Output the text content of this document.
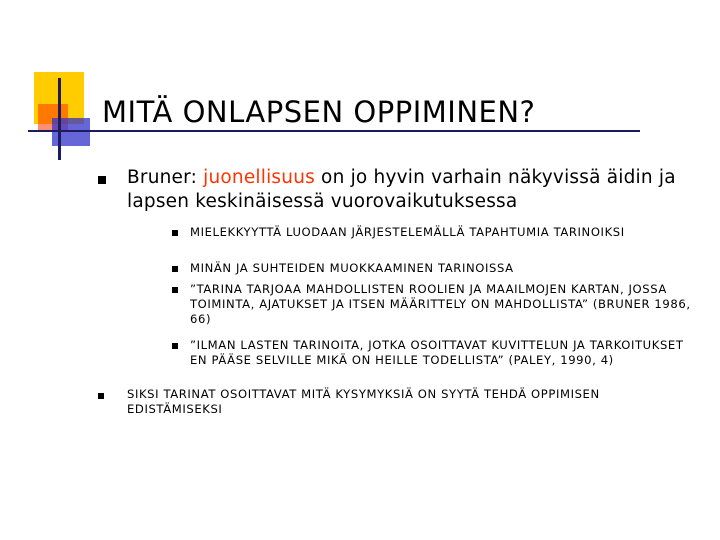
MITÄ ONLAPSEN OPPIMINEN?
Bruner: juonellisuus on jo hyvin varhain näkyvissä äidin ja lapsen keskinäisessä vuorovaikutuksessa
MIELEKKYYTTÄ LUODAAN JÄRJESTELEMÄLLÄ TAPAHTUMIA TARINOIKSI
MINÄN JA SUHTEIDEN MUOKKAAMINEN TARINOISSA
”TARINA TARJOAA MAHDOLLISTEN ROOLIEN JA MAAILMOJEN KARTAN, JOSSA TOIMINTA, AJATUKSET JA ITSEN MÄÄRITTELY ON MAHDOLLISTA” (BRUNER 1986, 66)
”ILMAN LASTEN TARINOITA, JOTKA OSOITTAVAT KUVITTELUN JA TARKOITUKSET EN PÄÄSE SELVILLE MIKÄ ON HEILLE TODELLISTA” (PALEY, 1990, 4)
SIKSI TARINAT OSOITTAVAT MITÄ KYSYMYKSIÄ ON SYYTÄ TEHDÄ OPPIMISEN EDISTÄMISEKSI
